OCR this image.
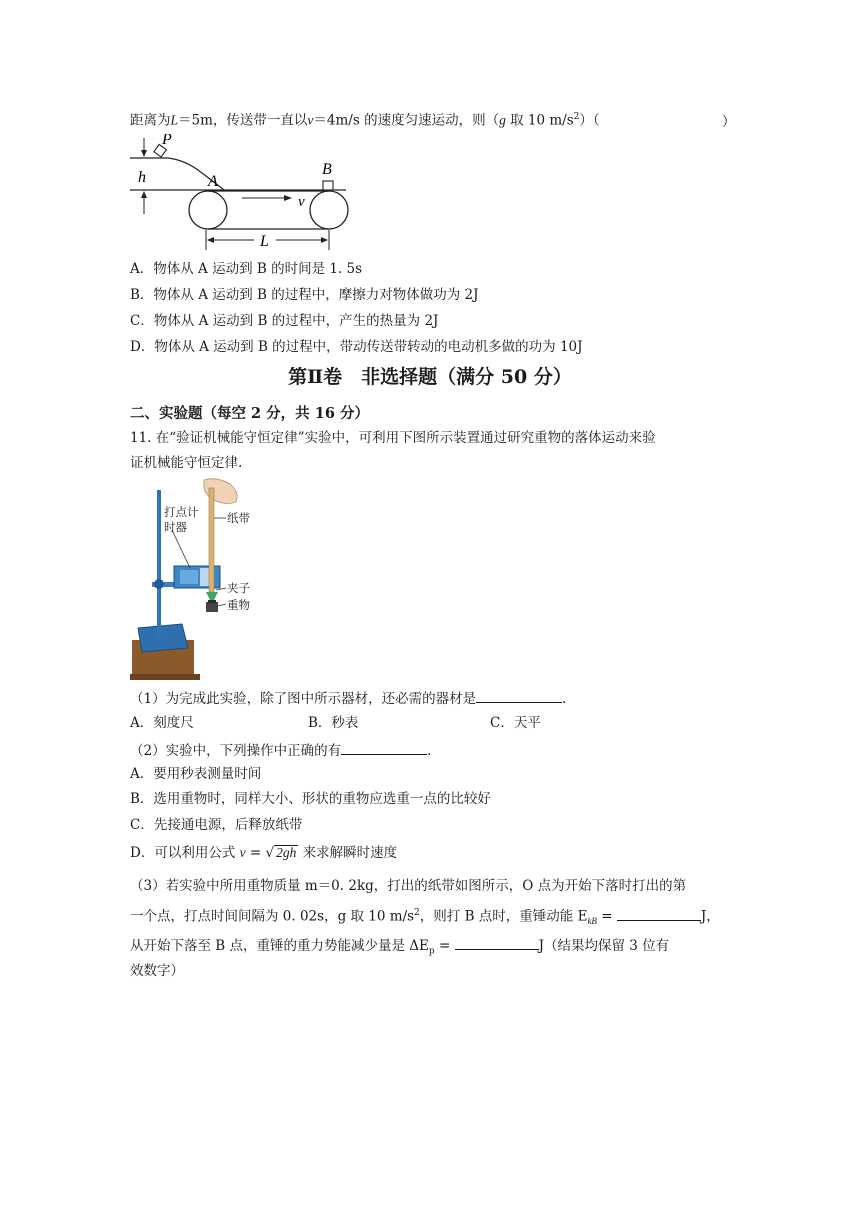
距离为L＝5m，传送带一直以v＝4m/s 的速度匀速运动，则（g 取 10 $m/s^2$）（	）
h
P
A
B
v
L
A．物体从 A 运动到 B 的时间是 1. 5s
B．物体从 A 运动到 B 的过程中，摩擦力对物体做功为 2J
C．物体从 A 运动到 B 的过程中，产生的热量为 2J
D．物体从 A 运动到 B 的过程中，带动传送带转动的电动机多做的功为 10J
第Ⅱ卷　非选择题（满分 50 分）
二、实验题（每空 2 分，共 16 分）
11. 在“验证机械能守恒定律”实验中，可利用下图所示装置通过研究重物的落体运动来验
证机械能守恒定律.
打点计
时器
纸带
夹子
重物
（1）为完成此实验，除了图中所示器材，还必需的器材是	.
A．刻度尺	B．秒表	C．天平
（2）实验中，下列操作中正确的有	.
A．要用秒表测量时间
B．选用重物时，同样大小、形状的重物应选重一点的比较好
C．先接通电源，后释放纸带
D．可以利用公式 v = √ 2gh 来求解瞬时速度
（3）若实验中所用重物质量 m＝0. 2kg，打出的纸带如图所示，O 点为开始下落时打出的第
一个点，打点时间间隔为 0. 02s，g 取 10 $m/s^2$，则打 B 点时，重锤动能 $E_{kB}$ =	J，
从开始下落至 B 点，重锤的重力势能减少量是 $\Delta E_p$ =	J（结果均保留 3 位有
效数字）
